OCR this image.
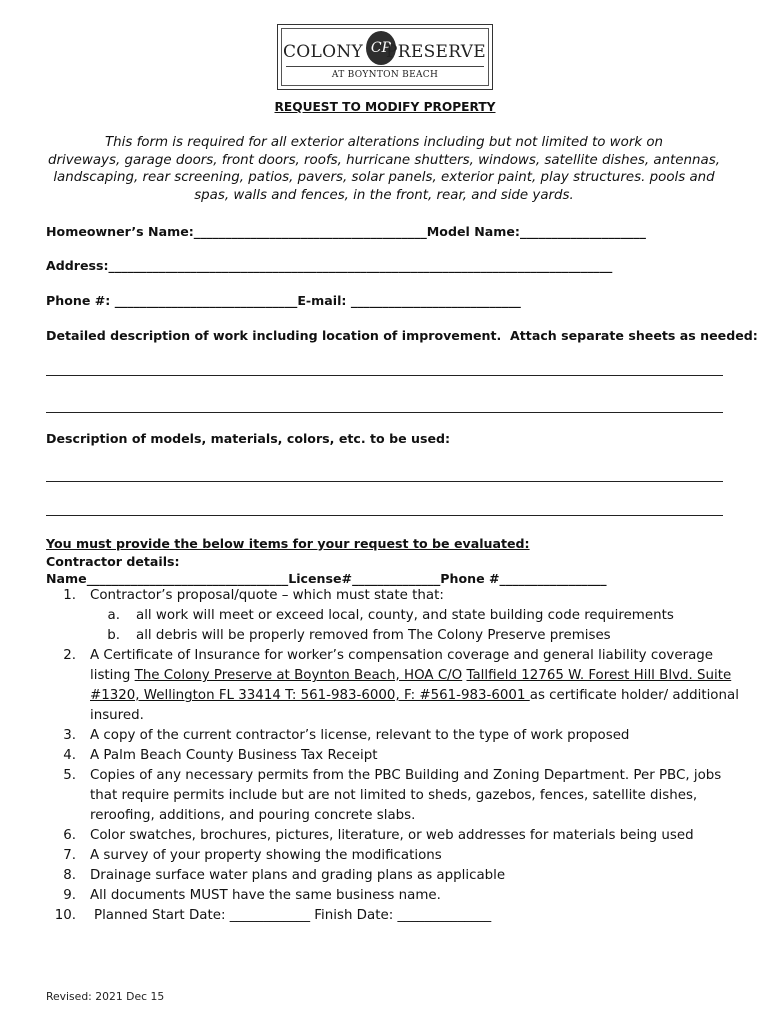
COLONY CP
PRESERVE
AT BOYNTON BEACH
REQUEST TO MODIFY PROPERTY
This form is required for all exterior alterations including but not limited to work on
driveways, garage doors, front doors, roofs, hurricane shutters, windows, satellite dishes, antennas,
landscaping, rear screening, patios, pavers, solar panels, exterior paint, play structures. pools and
spas, walls and fences, in the front, rear, and side yards.
Homeowner’s Name:_____________________________________Model Name:____________________
Address:________________________________________________________________________________
Phone #: _____________________________E-mail: ___________________________
Detailed description of work including location of improvement.  Attach separate sheets as needed:
Description of models, materials, colors, etc. to be used:
You must provide the below items for your request to be evaluated:
Contractor details:
Name________________________________License#______________Phone #_________________
1. Contractor’s proposal/quote – which must state that:
a. all work will meet or exceed local, county, and state building code requirements
b. all debris will be properly removed from The Colony Preserve premises
2. A Certificate of Insurance for worker’s compensation coverage and general liability coverage
listing The Colony Preserve at Boynton Beach, HOA C/O Tallfield 12765 W. Forest Hill Blvd. Suite
#1320, Wellington FL 33414 T: 561-983-6000, F: #561-983-6001 as certificate holder/ additional
insured.
3. A copy of the current contractor’s license, relevant to the type of work proposed
4. A Palm Beach County Business Tax Receipt
5. Copies of any necessary permits from the PBC Building and Zoning Department. Per PBC, jobs
that require permits include but are not limited to sheds, gazebos, fences, satellite dishes,
reroofing, additions, and pouring concrete slabs.
6. Color swatches, brochures, pictures, literature, or web addresses for materials being used
7. A survey of your property showing the modifications
8. Drainage surface water plans and grading plans as applicable
9. All documents MUST have the same business name.
10. Planned Start Date: ____________ Finish Date: ______________
Revised: 2021 Dec 15
